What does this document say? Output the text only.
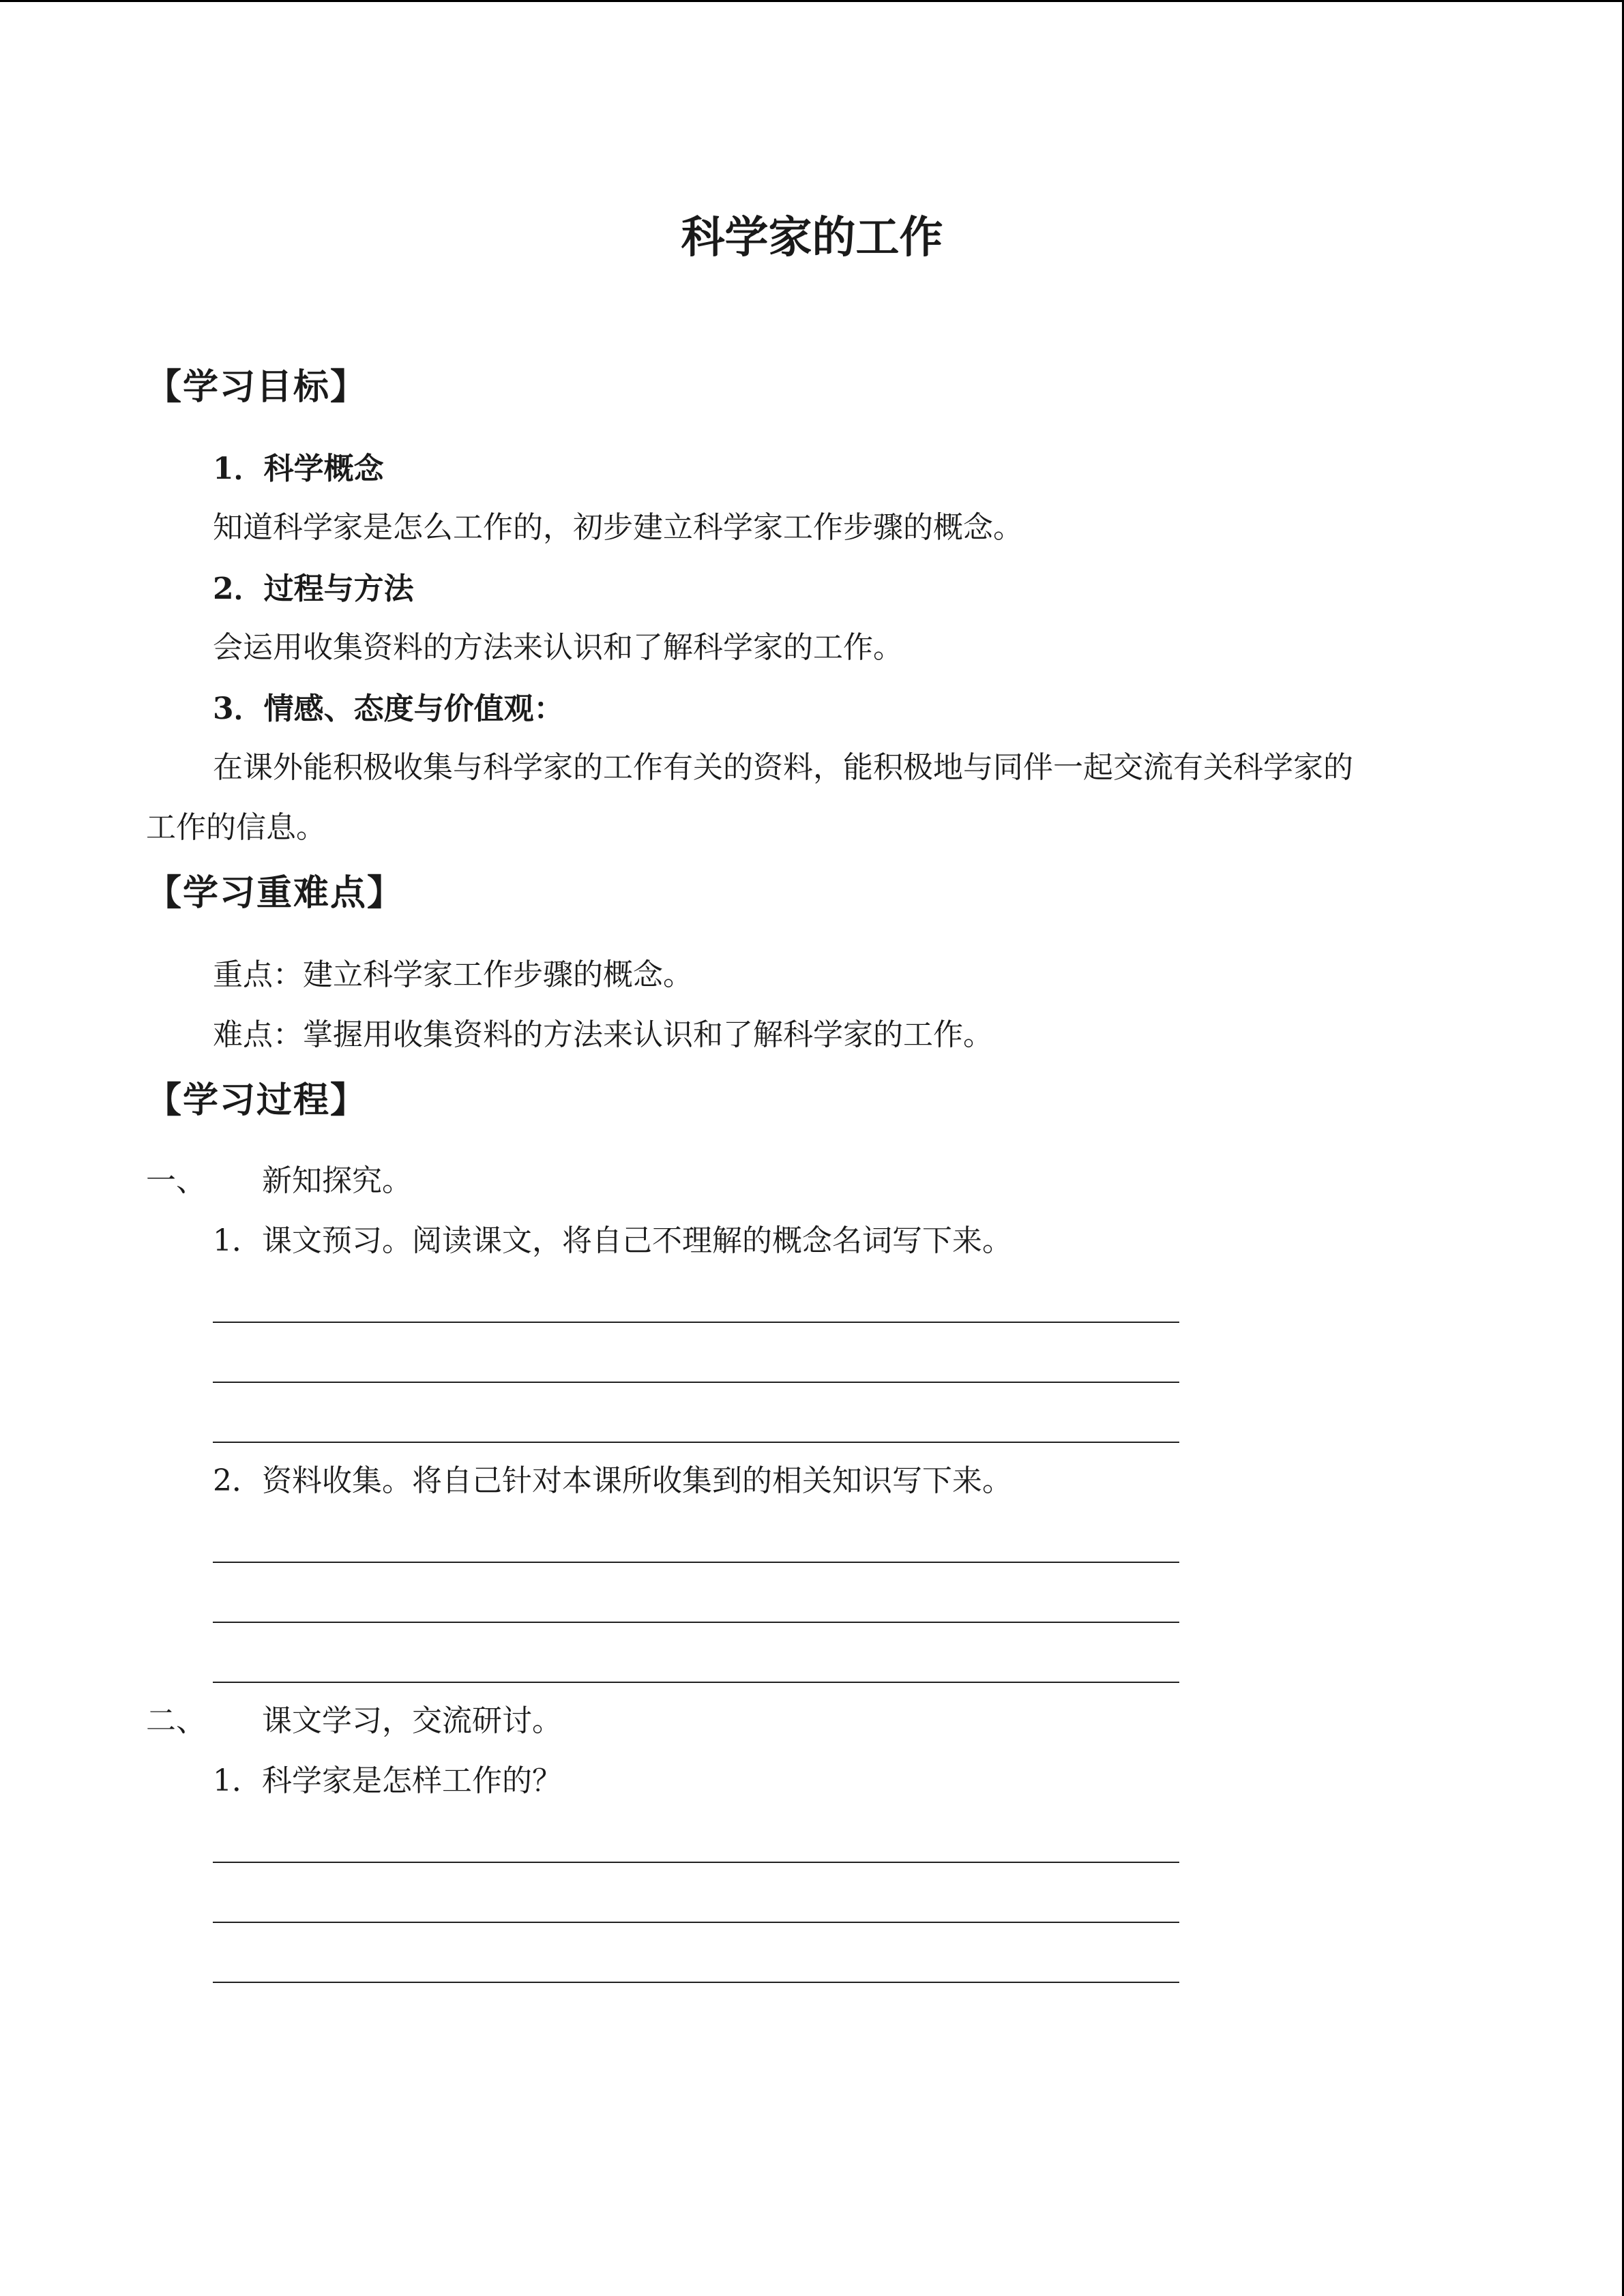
科学家的工作
【学习目标】
1．科学概念
知道科学家是怎么工作的，初步建立科学家工作步骤的概念。
2．过程与方法
会运用收集资料的方法来认识和了解科学家的工作。
3．情感、态度与价值观：
在课外能积极收集与科学家的工作有关的资料，能积极地与同伴一起交流有关科学家的
工作的信息。
【学习重难点】
重点：建立科学家工作步骤的概念。
难点：掌握用收集资料的方法来认识和了解科学家的工作。
【学习过程】
一、 新知探究。
1．课文预习。阅读课文，将自己不理解的概念名词写下来。
2．资料收集。将自己针对本课所收集到的相关知识写下来。
二、 课文学习，交流研讨。
1．科学家是怎样工作的？
